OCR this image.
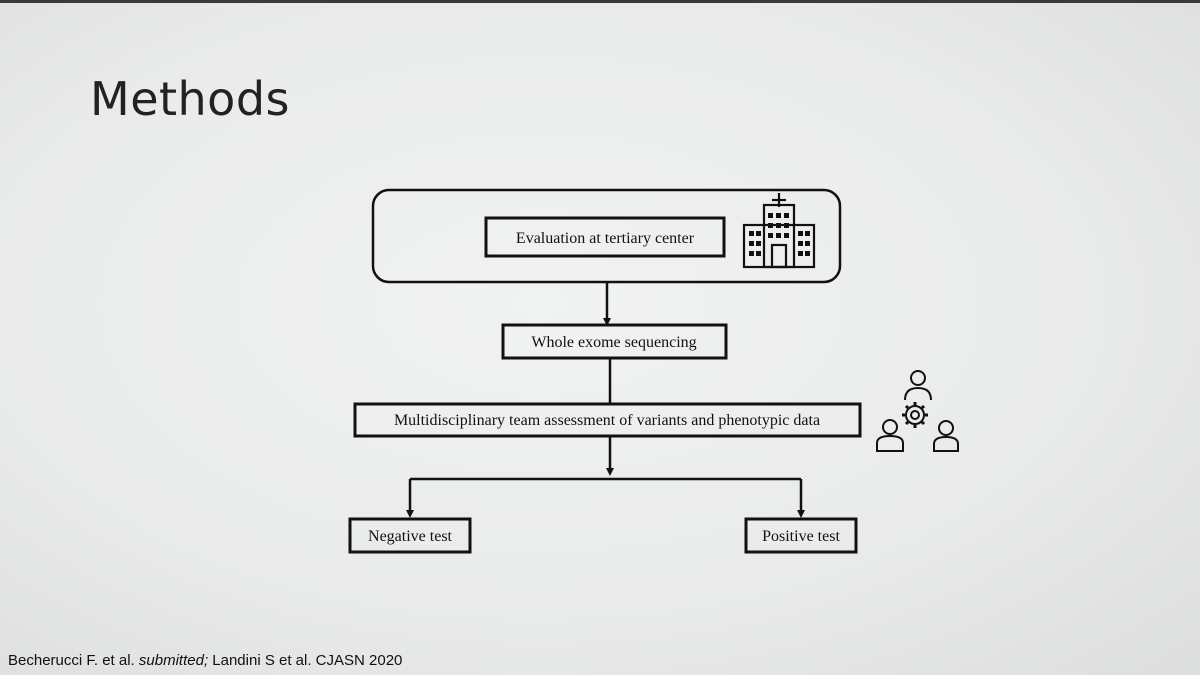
Methods
Evaluation at tertiary center
Whole exome sequencing
Multidisciplinary team assessment of variants and phenotypic data
Negative test	Positive test
Becherucci F. et al. submitted; Landini S et al. CJASN 2020
